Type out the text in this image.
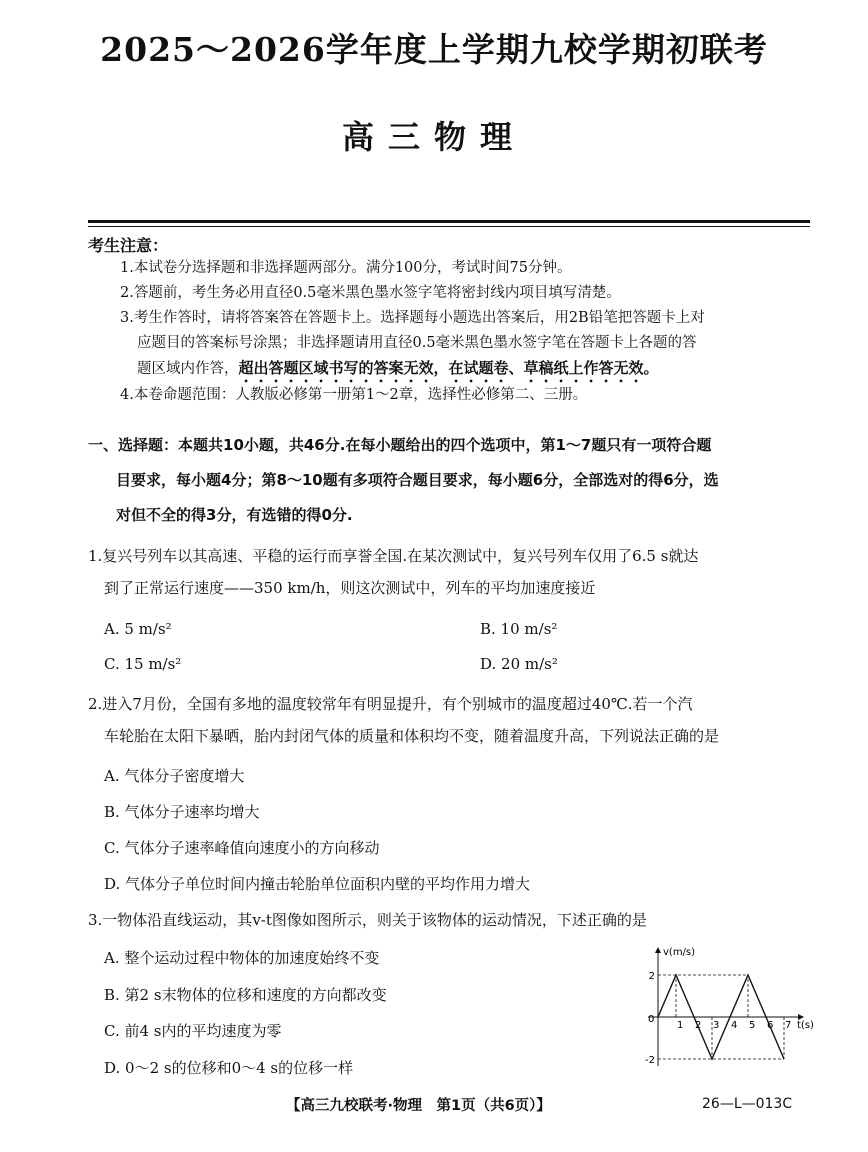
2025～2026学年度上学期九校学期初联考
高三物理
考生注意：
1.本试卷分选择题和非选择题两部分。满分100分，考试时间75分钟。
2.答题前，考生务必用直径0.5毫米黑色墨水签字笔将密封线内项目填写清楚。
3.考生作答时，请将答案答在答题卡上。选择题每小题选出答案后，用2B铅笔把答题卡上对
应题目的答案标号涂黑；非选择题请用直径0.5毫米黑色墨水签字笔在答题卡上各题的答
题区域内作答，超出答题区域书写的答案无效，在试题卷、草稿纸上作答无效。
4.本卷命题范围：人教版必修第一册第1～2章，选择性必修第二、三册。
一、选择题：本题共10小题，共46分.在每小题给出的四个选项中，第1～7题只有一项符合题
目要求，每小题4分；第8～10题有多项符合题目要求，每小题6分，全部选对的得6分，选
对但不全的得3分，有选错的得0分.
1.复兴号列车以其高速、平稳的运行而享誉全国.在某次测试中，复兴号列车仅用了6.5 s就达
到了正常运行速度——350 km/h，则这次测试中，列车的平均加速度接近
A. 5 m/s²	B. 10 m/s²
C. 15 m/s²	D. 20 m/s²
2.进入7月份，全国有多地的温度较常年有明显提升，有个别城市的温度超过40℃.若一个汽
车轮胎在太阳下暴晒，胎内封闭气体的质量和体积均不变，随着温度升高，下列说法正确的是
A. 气体分子密度增大
B. 气体分子速率均增大
C. 气体分子速率峰值向速度小的方向移动
D. 气体分子单位时间内撞击轮胎单位面积内壁的平均作用力增大
3.一物体沿直线运动，其v-t图像如图所示，则关于该物体的运动情况，下述正确的是
A. 整个运动过程中物体的加速度始终不变
B. 第2 s末物体的位移和速度的方向都改变
C. 前4 s内的平均速度为零
D. 0～2 s的位移和0～4 s的位移一样
v(m/s)
t(s)
0
1 2 3 4 5 6 7
2
-2
【高三九校联考·物理　第1页（共6页）】	26—L—013C
